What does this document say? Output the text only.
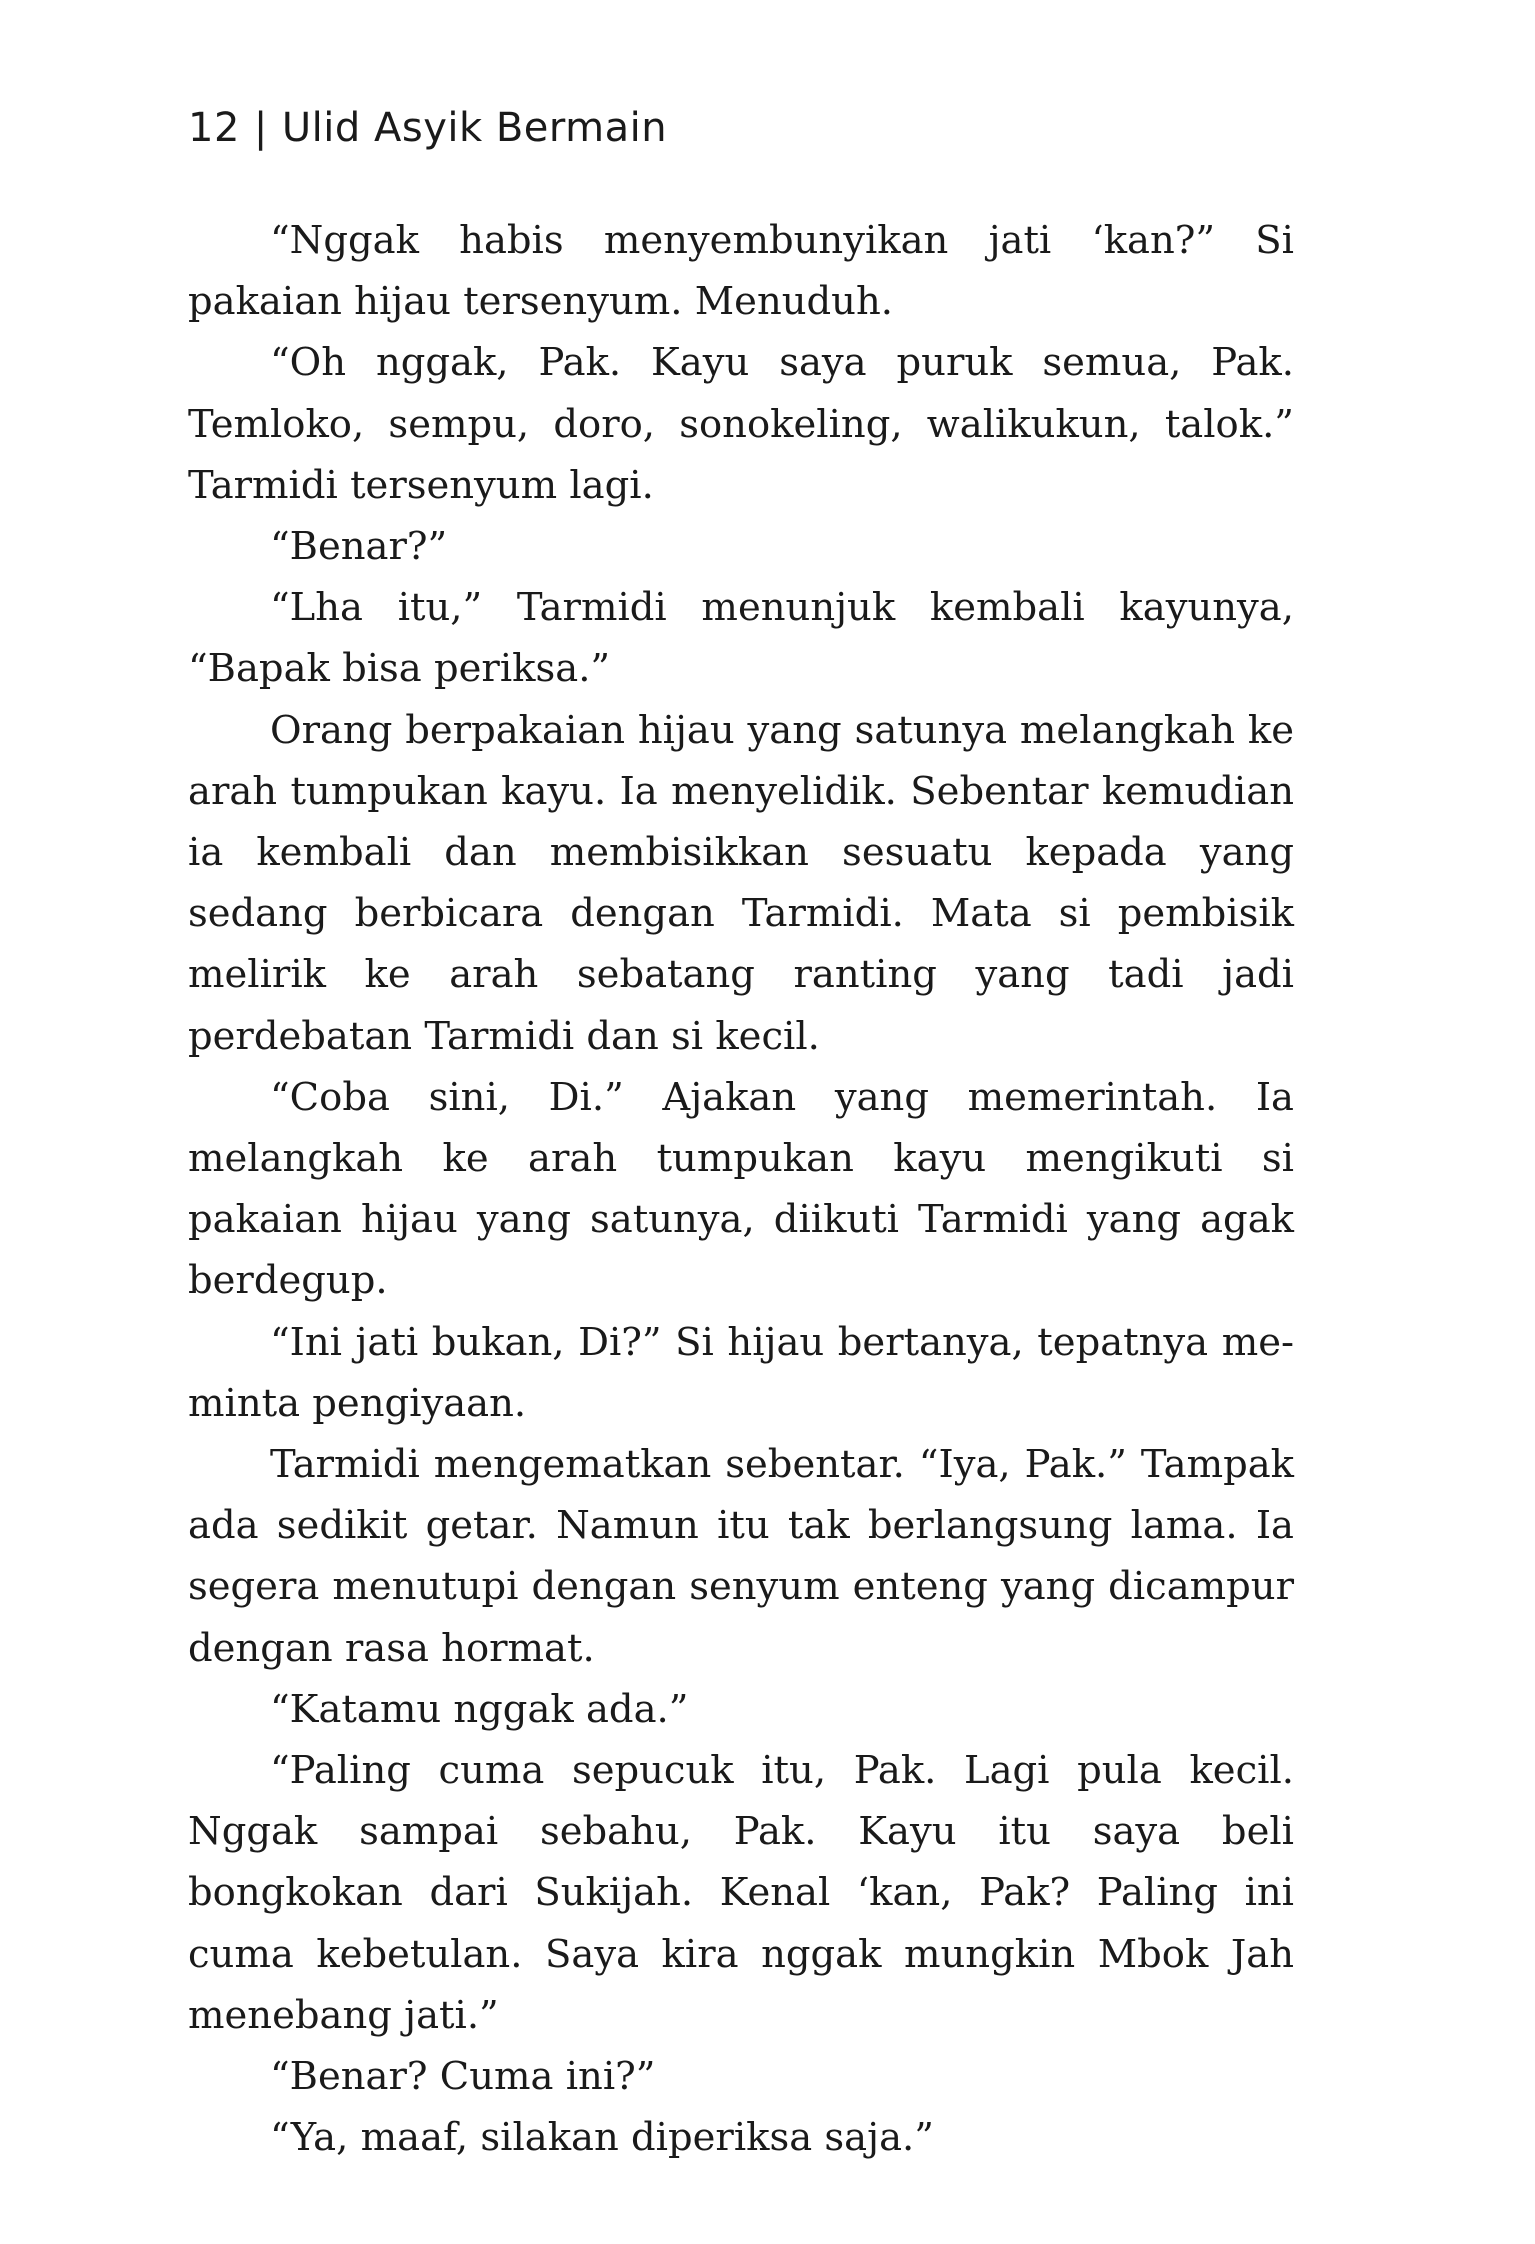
12 | Ulid Asyik Bermain

“Nggak habis menyembunyikan jati ‘kan?” Si pakaian hijau tersenyum. Menuduh.

“Oh nggak, Pak. Kayu saya puruk semua, Pak. Temloko, sempu, doro, sonokeling, walikukun, talok.” Tarmidi tersenyum lagi.

“Benar?”

“Lha itu,” Tarmidi menunjuk kembali kayunya, “Bapak bisa periksa.”

Orang berpakaian hijau yang satunya melangkah ke arah tumpukan kayu. Ia menyelidik. Sebentar kemudian ia kembali dan membisikkan sesuatu kepada yang sedang berbicara dengan Tarmidi. Mata si pembisik melirik ke arah sebatang ranting yang tadi jadi perdebatan Tarmidi dan si kecil.

“Coba sini, Di.” Ajakan yang memerintah. Ia melangkah ke arah tumpukan kayu mengikuti si pakaian hijau yang satunya, diikuti Tarmidi yang agak berdegup.

“Ini jati bukan, Di?” Si hijau bertanya, tepatnya meminta pengiyaan.

Tarmidi mengematkan sebentar. “Iya, Pak.” Tampak ada sedikit getar. Namun itu tak berlangsung lama. Ia segera menutupi dengan senyum enteng yang dicampur dengan rasa hormat.

“Katamu nggak ada.”

“Paling cuma sepucuk itu, Pak. Lagi pula kecil. Nggak sampai sebahu, Pak. Kayu itu saya beli bongkokan dari Sukijah. Kenal ‘kan, Pak? Paling ini cuma kebetulan. Saya kira nggak mungkin Mbok Jah menebang jati.”

“Benar? Cuma ini?”

“Ya, maaf, silakan diperiksa saja.”
